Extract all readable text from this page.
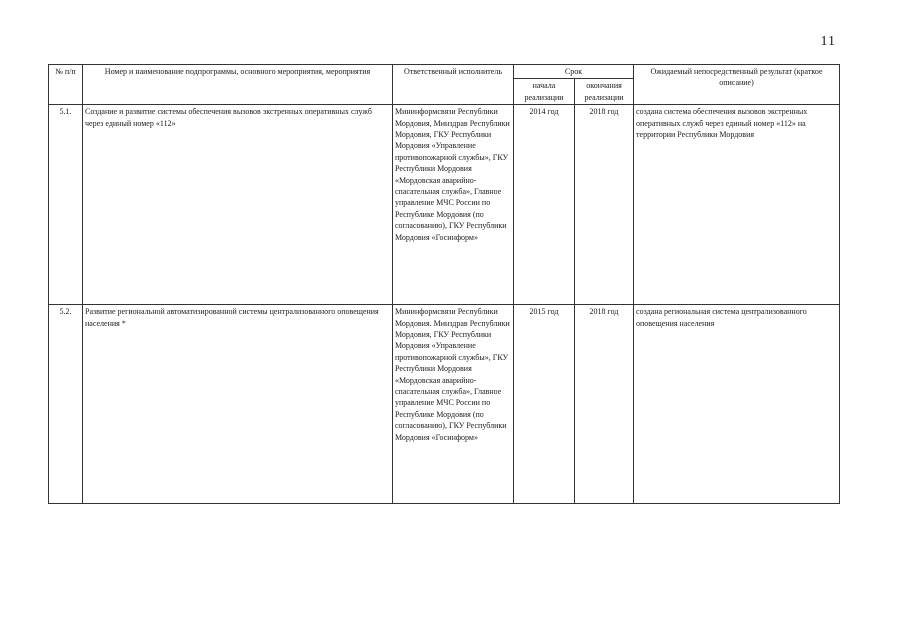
11
№ п/п	Номер и наименование подпрограммы, основного мероприятия, мероприятия	Ответственный исполнитель	Срок		Ожидаемый непосредственный результат (краткое описание)
			начала реализации	окончания реализации	
5.1.	Создание и развитие системы обеспечения вызовов экстренных оперативных служб через единый номер «112»	Мининформсвязи Республики Мордовия, Минздрав Республики Мордовия, ГКУ Республики Мордовия «Управление противопожарной службы», ГКУ Республики Мордовия «Мордовская аварийно-спасательная служба», Главное управление МЧС России по Республике Мордовия (по согласованию), ГКУ Республики Мордовия «Госинформ»	2014 год	2018 год	создана система обеспечения вызовов экстренных оперативных служб через единый номер «112» на территории Республики Мордовия
5.2.	Развитие региональной автоматизированной системы централизованного оповещения населения *	Мининформсвязи Республики Мордовия. Минздрав Республики Мордовия, ГКУ Республики Мордовия «Управление противопожарной службы», ГКУ Республики Мордовия «Мордовская аварийно-спасательная служба», Главное управление МЧС России по Республике Мордовия (по согласованию), ГКУ Республики Мордовия «Госинформ»	2015 год	2018 год	создана региональная система централизованного оповещения населения
